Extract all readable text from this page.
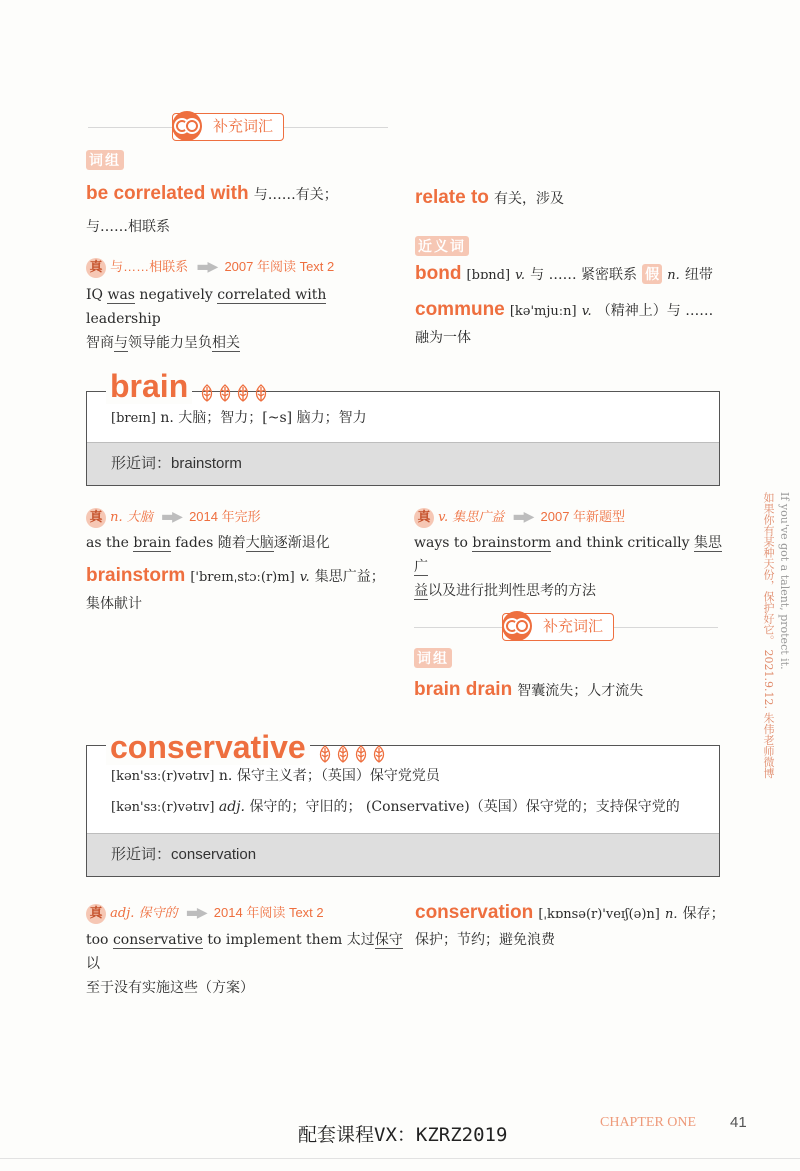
补充词汇
词组
be correlated with 与……有关；
与……相联系
真 与……相联系 ▬▶ 2007 年阅读 Text 2
IQ was negatively correlated with leadership
智商与领导能力呈负相关
relate to 有关，涉及
近义词
bond [bɒnd] v. 与 …… 紧密联系 假 n. 纽带
commune [kə'mjuːn] v. （精神上）与 ……
融为一体
[breɪn] n. 大脑；智力；[~s] 脑力；智力
形近词：brainstorm
brain
真 n. 大脑 ▬▶ 2014 年完形
as the brain fades 随着大脑逐渐退化
brainstorm ['breɪnˌstɔː(r)m] v. 集思广益；
集体献计
真 v. 集思广益 ▬▶ 2007 年新题型
ways to brainstorm and think critically 集思广
益以及进行批判性思考的方法
补充词汇
词组
brain drain 智囊流失；人才流失
[kən'sɜː(r)vətɪv] n. 保守主义者；（英国）保守党党员
[kən'sɜː(r)vətɪv] adj. 保守的；守旧的； (Conservative)（英国）保守党的；支持保守党的
形近词：conservation
conservative
真 adj. 保守的 ▬▶ 2014 年阅读 Text 2
too conservative to implement them 太过保守以
至于没有实施这些（方案）
conservation [ˌkɒnsə(r)'veɪʃ(ə)n] n. 保存；
保护；节约；避免浪费
如果你有某种天份，保护好它。 2021.9.12. 朱伟老师微博 If you've got a talent, protect it.
配套课程VX：KZRZ2019
CHAPTER ONE 41
